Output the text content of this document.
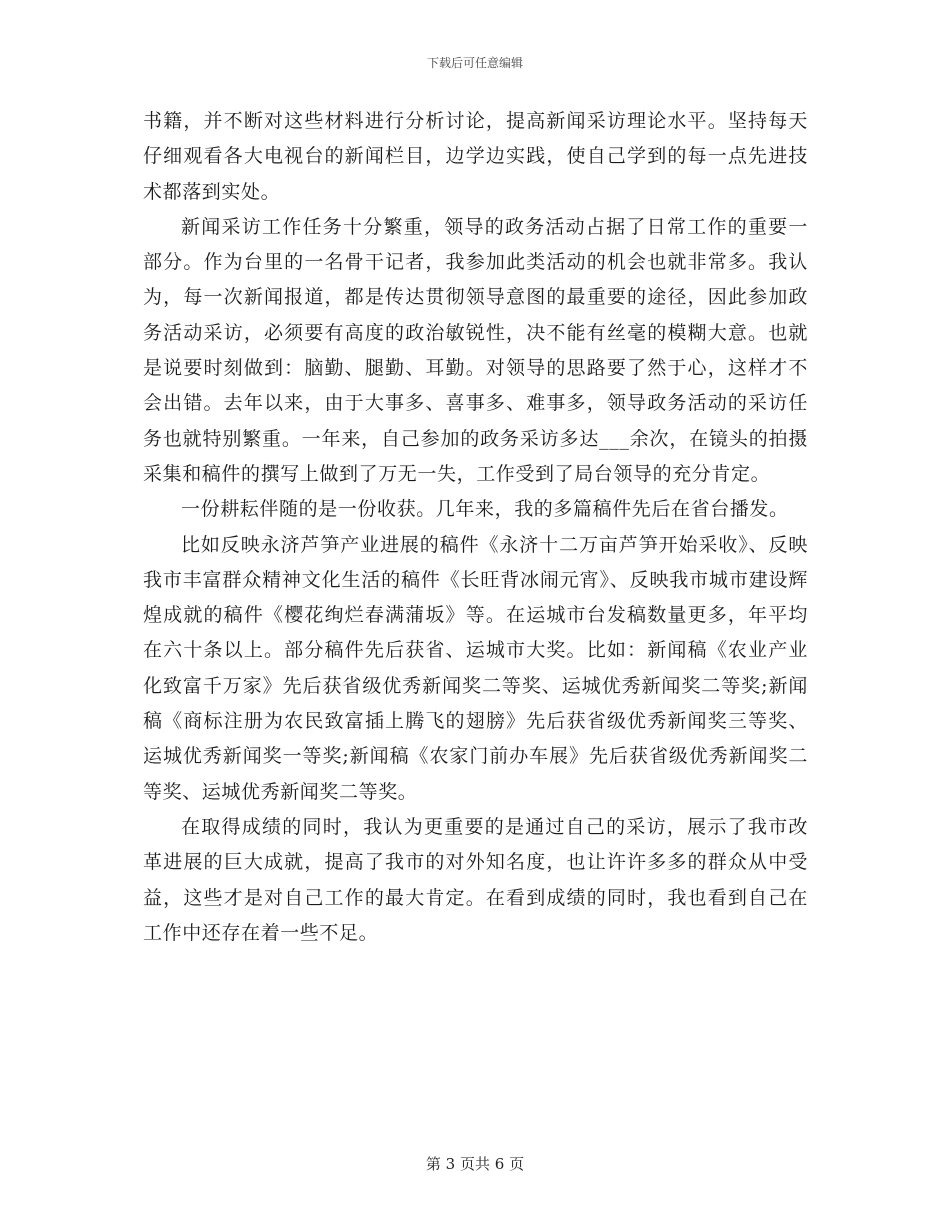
下载后可任意编辑

书籍，并不断对这些材料进行分析讨论，提高新闻采访理论水平。坚持每天仔细观看各大电视台的新闻栏目，边学边实践，使自己学到的每一点先进技术都落到实处。

新闻采访工作任务十分繁重，领导的政务活动占据了日常工作的重要一部分。作为台里的一名骨干记者，我参加此类活动的机会也就非常多。我认为，每一次新闻报道，都是传达贯彻领导意图的最重要的途径，因此参加政务活动采访，必须要有高度的政治敏锐性，决不能有丝毫的模糊大意。也就是说要时刻做到：脑勤、腿勤、耳勤。对领导的思路要了然于心，这样才不会出错。去年以来，由于大事多、喜事多、难事多，领导政务活动的采访任务也就特别繁重。一年来，自己参加的政务采访多达___余次，在镜头的拍摄采集和稿件的撰写上做到了万无一失，工作受到了局台领导的充分肯定。

一份耕耘伴随的是一份收获。几年来，我的多篇稿件先后在省台播发。

比如反映永济芦笋产业进展的稿件《永济十二万亩芦笋开始采收》、反映我市丰富群众精神文化生活的稿件《长旺背冰闹元宵》、反映我市城市建设辉煌成就的稿件《樱花绚烂春满蒲坂》等。在运城市台发稿数量更多，年平均在六十条以上。部分稿件先后获省、运城市大奖。比如：新闻稿《农业产业化致富千万家》先后获省级优秀新闻奖二等奖、运城优秀新闻奖二等奖;新闻稿《商标注册为农民致富插上腾飞的翅膀》先后获省级优秀新闻奖三等奖、运城优秀新闻奖一等奖;新闻稿《农家门前办车展》先后获省级优秀新闻奖二等奖、运城优秀新闻奖二等奖。

在取得成绩的同时，我认为更重要的是通过自己的采访，展示了我市改革进展的巨大成就，提高了我市的对外知名度，也让许许多多的群众从中受益，这些才是对自己工作的最大肯定。在看到成绩的同时，我也看到自己在工作中还存在着一些不足。

第 3 页共 6 页
